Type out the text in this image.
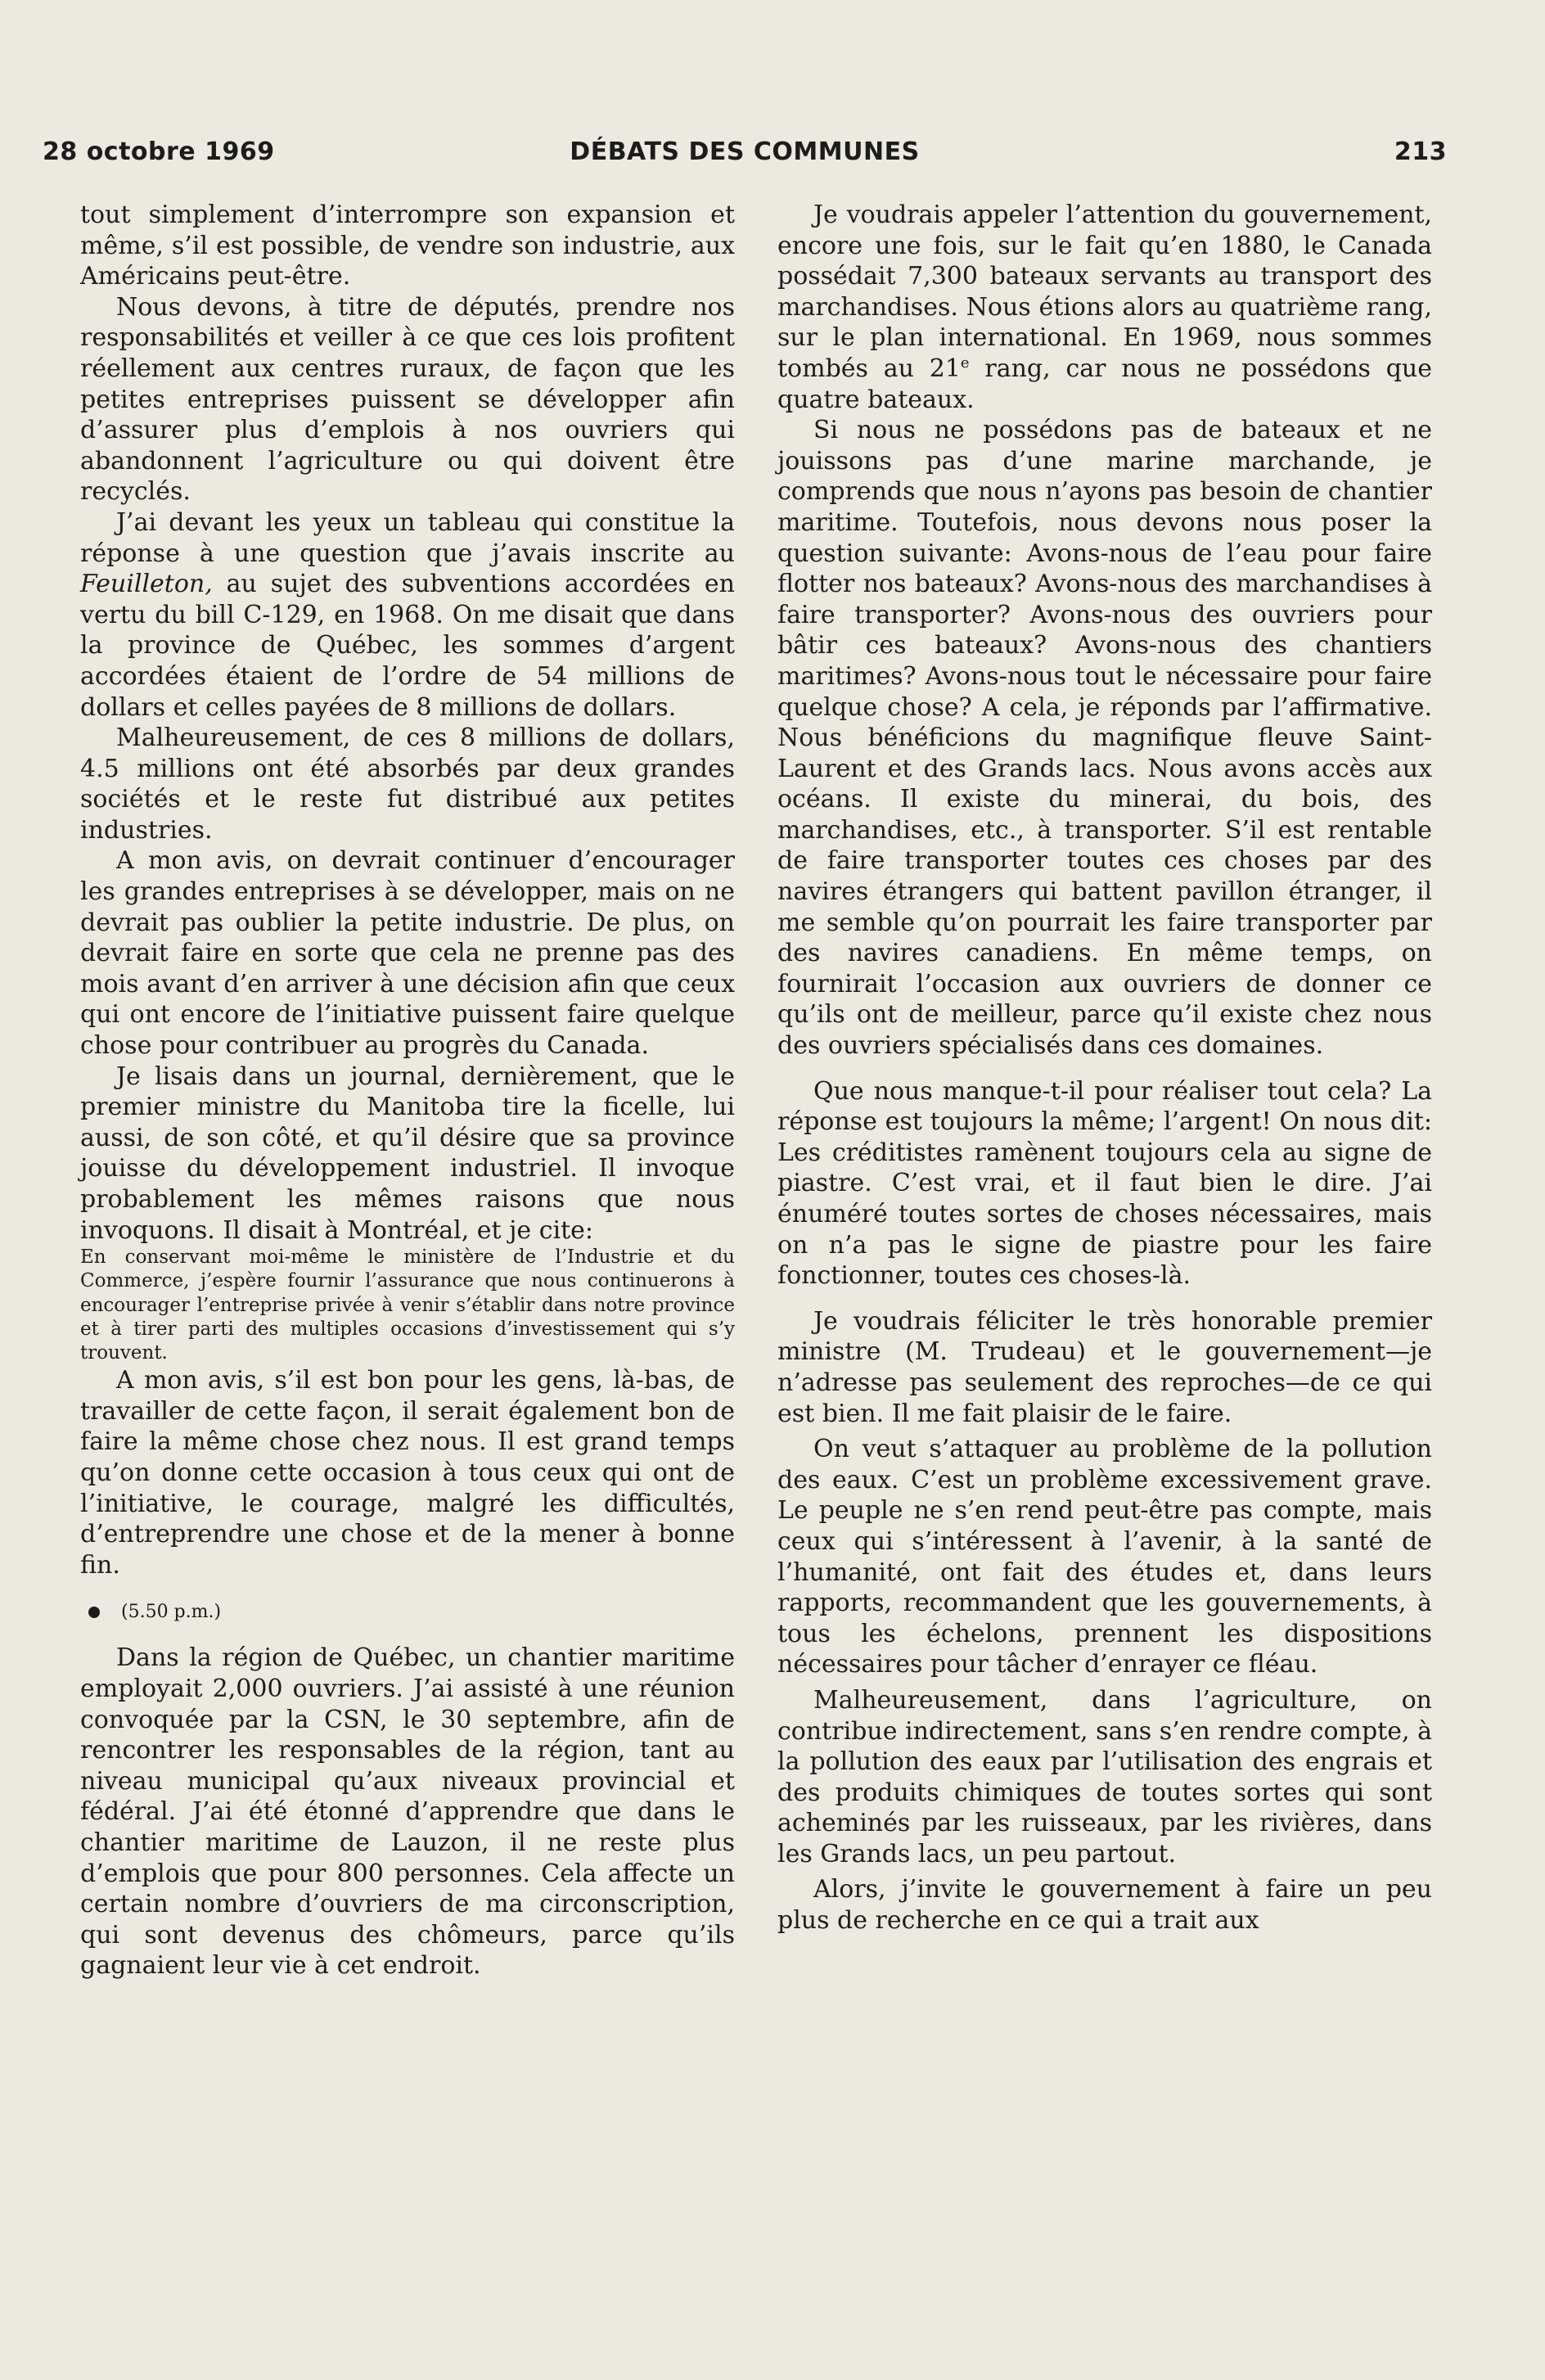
28 octobre 1969	DÉBATS DES COMMUNES	213

tout simplement d’interrompre son expansion et même, s’il est possible, de vendre son industrie, aux Américains peut-être.

Nous devons, à titre de députés, prendre nos responsabilités et veiller à ce que ces lois profitent réellement aux centres ruraux, de façon que les petites entreprises puissent se développer afin d’assurer plus d’emplois à nos ouvriers qui abandonnent l’agriculture ou qui doivent être recyclés.

J’ai devant les yeux un tableau qui constitue la réponse à une question que j’avais inscrite au Feuilleton, au sujet des subventions accordées en vertu du bill C-129, en 1968. On me disait que dans la province de Québec, les sommes d’argent accordées étaient de l’ordre de 54 millions de dollars et celles payées de 8 millions de dollars.

Malheureusement, de ces 8 millions de dollars, 4.5 millions ont été absorbés par deux grandes sociétés et le reste fut distribué aux petites industries.

A mon avis, on devrait continuer d’encourager les grandes entreprises à se développer, mais on ne devrait pas oublier la petite industrie. De plus, on devrait faire en sorte que cela ne prenne pas des mois avant d’en arriver à une décision afin que ceux qui ont encore de l’initiative puissent faire quelque chose pour contribuer au progrès du Canada.

Je lisais dans un journal, dernièrement, que le premier ministre du Manitoba tire la ficelle, lui aussi, de son côté, et qu’il désire que sa province jouisse du développement industriel. Il invoque probablement les mêmes raisons que nous invoquons. Il disait à Montréal, et je cite:

En conservant moi-même le ministère de l’Industrie et du Commerce, j’espère fournir l’assurance que nous continuerons à encourager l’entreprise privée à venir s’établir dans notre province et à tirer parti des multiples occasions d’investissement qui s’y trouvent.

A mon avis, s’il est bon pour les gens, là-bas, de travailler de cette façon, il serait également bon de faire la même chose chez nous. Il est grand temps qu’on donne cette occasion à tous ceux qui ont de l’initiative, le courage, malgré les difficultés, d’entreprendre une chose et de la mener à bonne fin.

(5.50 p.m.)

Dans la région de Québec, un chantier maritime employait 2,000 ouvriers. J’ai assisté à une réunion convoquée par la CSN, le 30 septembre, afin de rencontrer les responsables de la région, tant au niveau municipal qu’aux niveaux provincial et fédéral. J’ai été étonné d’apprendre que dans le chantier maritime de Lauzon, il ne reste plus d’emplois que pour 800 personnes. Cela affecte un certain nombre d’ouvriers de ma circonscription, qui sont devenus des chômeurs, parce qu’ils gagnaient leur vie à cet endroit.

Je voudrais appeler l’attention du gouvernement, encore une fois, sur le fait qu’en 1880, le Canada possédait 7,300 bateaux servants au transport des marchandises. Nous étions alors au quatrième rang, sur le plan international. En 1969, nous sommes tombés au 21e rang, car nous ne possédons que quatre bateaux.

Si nous ne possédons pas de bateaux et ne jouissons pas d’une marine marchande, je comprends que nous n’ayons pas besoin de chantier maritime. Toutefois, nous devons nous poser la question suivante: Avons-nous de l’eau pour faire flotter nos bateaux? Avons-nous des marchandises à faire transporter? Avons-nous des ouvriers pour bâtir ces bateaux? Avons-nous des chantiers maritimes? Avons-nous tout le nécessaire pour faire quelque chose? A cela, je réponds par l’affirmative. Nous bénéficions du magnifique fleuve Saint-Laurent et des Grands lacs. Nous avons accès aux océans. Il existe du minerai, du bois, des marchandises, etc., à transporter. S’il est rentable de faire transporter toutes ces choses par des navires étrangers qui battent pavillon étranger, il me semble qu’on pourrait les faire transporter par des navires canadiens. En même temps, on fournirait l’occasion aux ouvriers de donner ce qu’ils ont de meilleur, parce qu’il existe chez nous des ouvriers spécialisés dans ces domaines.

Que nous manque-t-il pour réaliser tout cela? La réponse est toujours la même; l’argent! On nous dit: Les créditistes ramènent toujours cela au signe de piastre. C’est vrai, et il faut bien le dire. J’ai énuméré toutes sortes de choses nécessaires, mais on n’a pas le signe de piastre pour les faire fonctionner, toutes ces choses-là.

Je voudrais féliciter le très honorable premier ministre (M. Trudeau) et le gouvernement—je n’adresse pas seulement des reproches—de ce qui est bien. Il me fait plaisir de le faire.

On veut s’attaquer au problème de la pollution des eaux. C’est un problème excessivement grave. Le peuple ne s’en rend peut-être pas compte, mais ceux qui s’intéressent à l’avenir, à la santé de l’humanité, ont fait des études et, dans leurs rapports, recommandent que les gouvernements, à tous les échelons, prennent les dispositions nécessaires pour tâcher d’enrayer ce fléau.

Malheureusement, dans l’agriculture, on contribue indirectement, sans s’en rendre compte, à la pollution des eaux par l’utilisation des engrais et des produits chimiques de toutes sortes qui sont acheminés par les ruisseaux, par les rivières, dans les Grands lacs, un peu partout.

Alors, j’invite le gouvernement à faire un peu plus de recherche en ce qui a trait aux
